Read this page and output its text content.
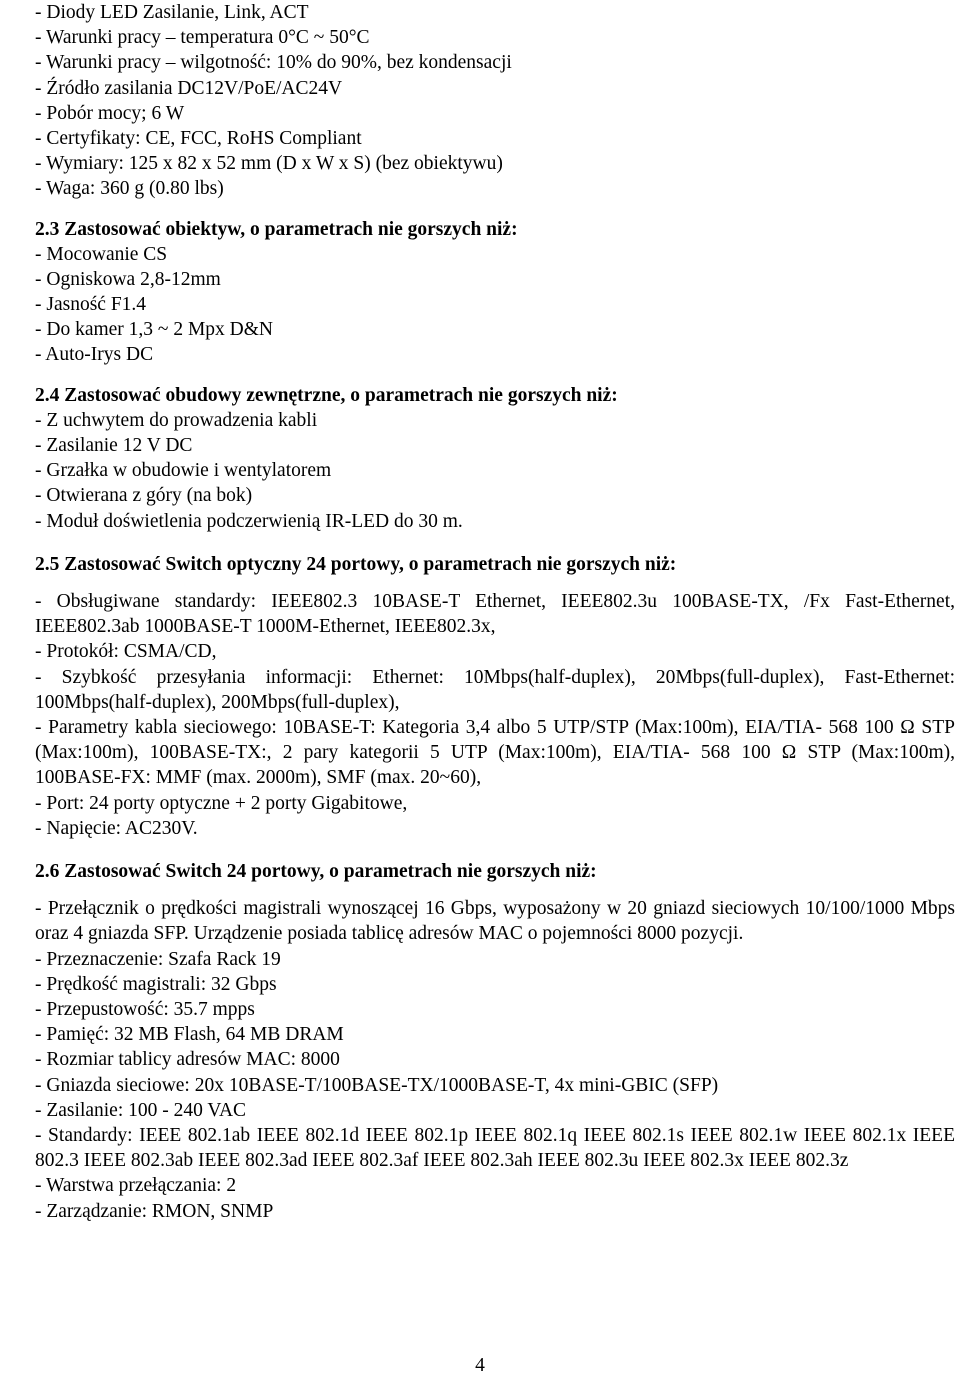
- Diody LED Zasilanie, Link, ACT
- Warunki pracy – temperatura 0°C ~ 50°C
- Warunki pracy – wilgotność: 10% do 90%, bez kondensacji
- Źródło zasilania DC12V/PoE/AC24V
- Pobór mocy; 6 W
- Certyfikaty: CE, FCC, RoHS Compliant
- Wymiary: 125 x 82 x 52 mm (D x W x S) (bez obiektywu)
- Waga: 360 g (0.80 lbs)
2.3 Zastosować obiektyw, o parametrach nie gorszych niż:
- Mocowanie CS
- Ogniskowa 2,8-12mm
- Jasność F1.4
- Do kamer 1,3 ~ 2 Mpx D&N
- Auto-Irys DC
2.4 Zastosować obudowy zewnętrzne, o parametrach nie gorszych niż:
- Z uchwytem do prowadzenia kabli
- Zasilanie 12 V DC
- Grzałka w obudowie i wentylatorem
- Otwierana z góry (na bok)
- Moduł doświetlenia podczerwienią IR-LED do 30 m.
2.5 Zastosować Switch optyczny 24 portowy, o parametrach nie gorszych niż:
- Obsługiwane standardy: IEEE802.3 10BASE-T Ethernet, IEEE802.3u 100BASE-TX, /Fx Fast-Ethernet, IEEE802.3ab 1000BASE-T 1000M-Ethernet, IEEE802.3x,
- Protokół: CSMA/CD,
- Szybkość przesyłania informacji: Ethernet: 10Mbps(half-duplex), 20Mbps(full-duplex), Fast-Ethernet: 100Mbps(half-duplex), 200Mbps(full-duplex),
- Parametry kabla sieciowego: 10BASE-T: Kategoria 3,4 albo 5 UTP/STP (Max:100m), EIA/TIA- 568 100 Ω STP (Max:100m), 100BASE-TX:, 2 pary kategorii 5 UTP (Max:100m), EIA/TIA- 568 100 Ω STP (Max:100m), 100BASE-FX: MMF (max. 2000m), SMF (max. 20~60),
- Port: 24 porty optyczne + 2 porty Gigabitowe,
- Napięcie: AC230V.
2.6 Zastosować Switch 24 portowy, o parametrach nie gorszych niż:
- Przełącznik o prędkości magistrali wynoszącej 16 Gbps, wyposażony w 20 gniazd sieciowych 10/100/1000 Mbps oraz 4 gniazda SFP. Urządzenie posiada tablicę adresów MAC o pojemności 8000 pozycji.
- Przeznaczenie: Szafa Rack 19
- Prędkość magistrali: 32 Gbps
- Przepustowość: 35.7 mpps
- Pamięć: 32 MB Flash, 64 MB DRAM
- Rozmiar tablicy adresów MAC: 8000
- Gniazda sieciowe: 20x 10BASE-T/100BASE-TX/1000BASE-T, 4x mini-GBIC (SFP)
- Zasilanie: 100 - 240 VAC
- Standardy: IEEE 802.1ab IEEE 802.1d IEEE 802.1p IEEE 802.1q IEEE 802.1s IEEE 802.1w IEEE 802.1x IEEE 802.3 IEEE 802.3ab IEEE 802.3ad IEEE 802.3af IEEE 802.3ah IEEE 802.3u IEEE 802.3x IEEE 802.3z
- Warstwa przełączania: 2
- Zarządzanie: RMON, SNMP
4
